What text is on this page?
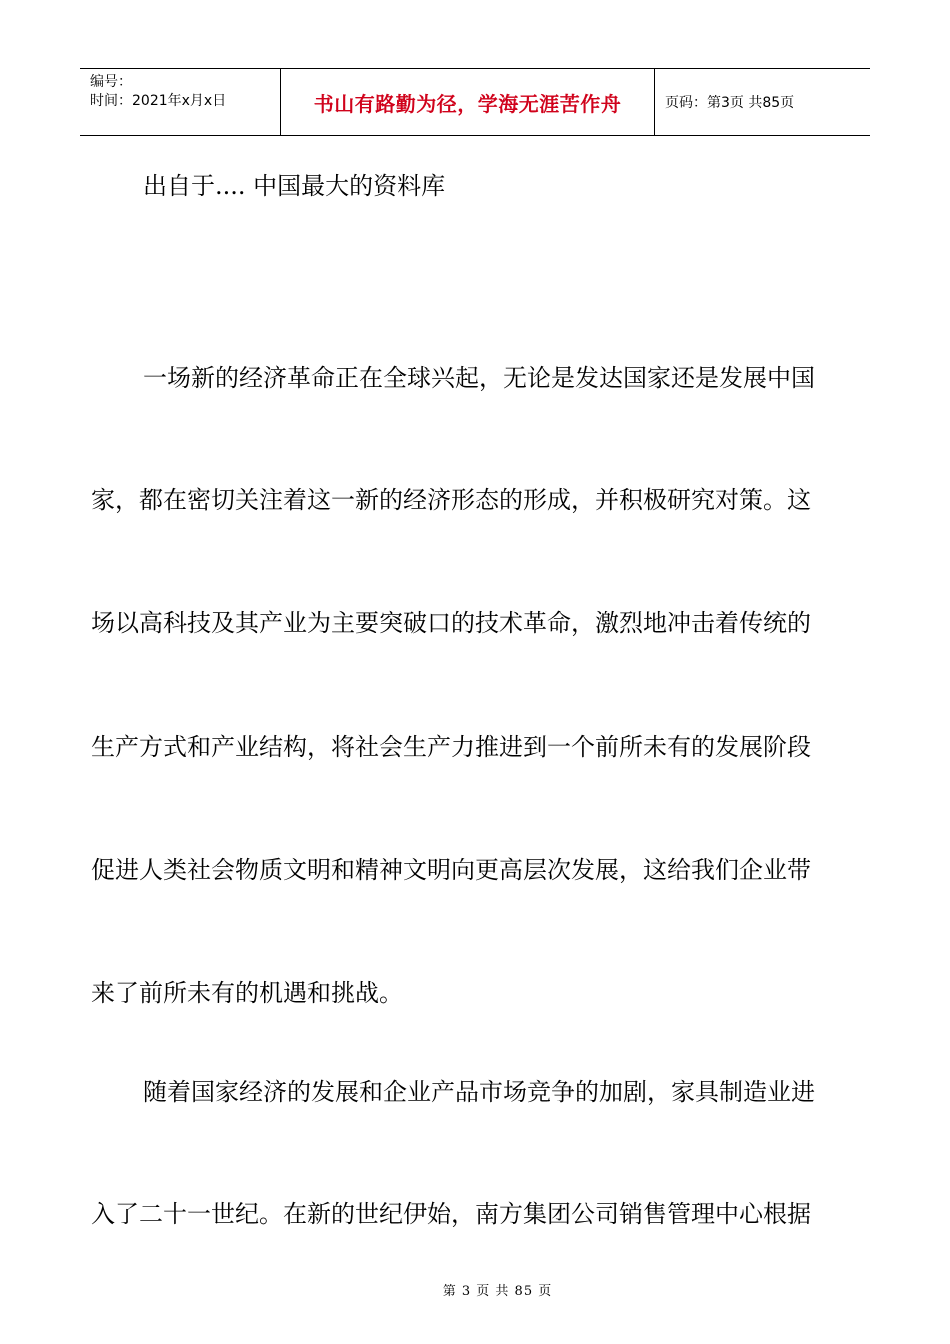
编号：
时间：2021年x月x日	书山有路勤为径，学海无涯苦作舟	页码：第3页 共85页
出自于.... 中国最大的资料库
一场新的经济革命正在全球兴起，无论是发达国家还是发展中国
家，都在密切关注着这一新的经济形态的形成，并积极研究对策。这
场以高科技及其产业为主要突破口的技术革命，激烈地冲击着传统的
生产方式和产业结构，将社会生产力推进到一个前所未有的发展阶段
促进人类社会物质文明和精神文明向更高层次发展，这给我们企业带
来了前所未有的机遇和挑战。
随着国家经济的发展和企业产品市场竞争的加剧，家具制造业进
入了二十一世纪。在新的世纪伊始，南方集团公司销售管理中心根据
第 3 页 共 85 页
